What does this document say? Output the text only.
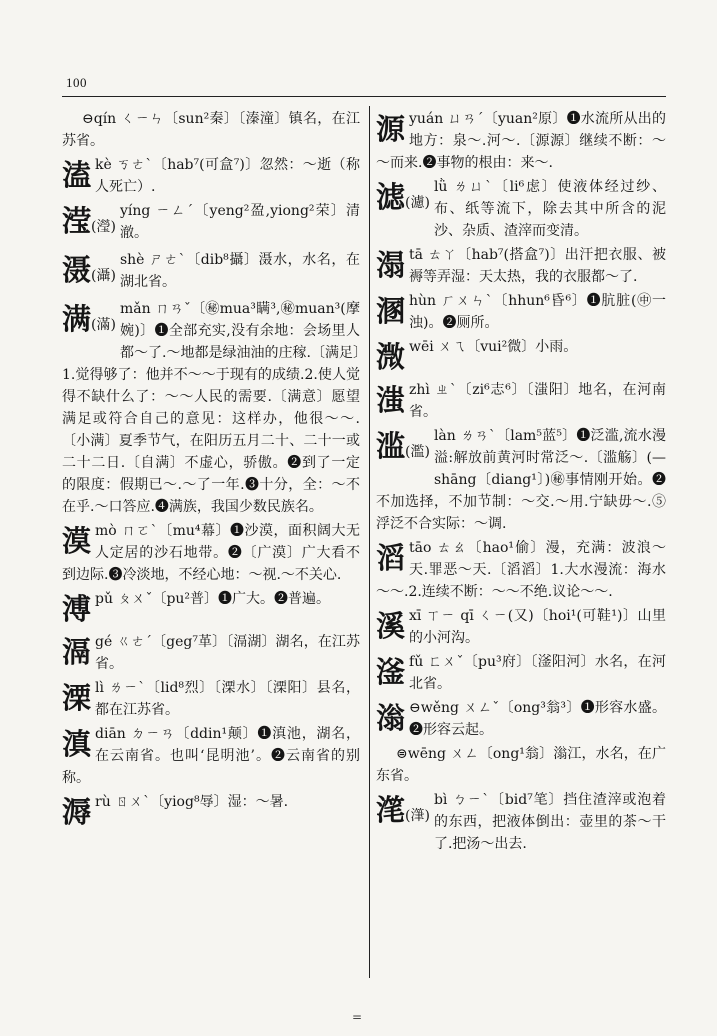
100
⊖qín ㄑㄧㄣ〔sun²秦〕〔溱潼〕镇名，在江苏省。
溘kè ㄎㄜˋ〔hab⁷(可盒⁷)〕忽然：～逝（称人死亡）.
滢(瀅)
yíng ㄧㄥˊ〔yeng²盈,yiong²荣〕清澈。
滠(灄)
shè ㄕㄜˋ〔dib⁸攝〕滠水，水名，在湖北省。
满(滿)
mǎn ㄇㄢˇ〔㊙mua³瞒³,㊙muan³(摩婉)〕❶全部充实,没有余地：会场里人都～了.～地都是绿油油的庄稼.〔满足〕1.觉得够了：他并不～～于现有的成绩.2.使人觉得不缺什么了：～～人民的需要.〔满意〕愿望满足或符合自己的意见：这样办，他很～～.〔小满〕夏季节气，在阳历五月二十、二十一或二十二日.〔自满〕不虚心，骄傲。❷到了一定的限度：假期已～.～了一年.❸十分，全：～不在乎.～口答应.❹满族，我国少数民族名。
漠mò ㄇㄛˋ〔mu⁴幕〕❶沙漠，面积阔大无人定居的沙石地带。❷〔广漠〕广大看不到边际.❸冷淡地，不经心地：～视.～不关心.
溥pǔ ㄆㄨˇ〔pu²普〕❶广大。❷普遍。
滆gé ㄍㄜˊ〔geg⁷革〕〔滆湖〕湖名，在江苏省。
溧lì ㄌㄧˋ〔lid⁸烈〕〔溧水〕〔溧阳〕县名，都在江苏省。
滇diān ㄉㄧㄢ〔ddin¹颠〕❶滇池，湖名，在云南省。也叫‘昆明池’。❷云南省的别称。
溽rù ㄖㄨˋ〔yiog⁸辱〕湿：～暑.
源yuán ㄩㄢˊ〔yuan²原〕❶水流所从出的地方：泉～.河～.〔源源〕继续不断：～～而来.❷事物的根由：来～.
滤(濾)
lǜ ㄌㄩˋ〔li⁶虑〕使液体经过纱、布、纸等流下，除去其中所含的泥沙、杂质、渣滓而变清。
溻tā ㄊㄚ〔hab⁷(搭盒⁷)〕出汗把衣服、被褥等弄湿：天太热，我的衣服都～了.
溷hùn ㄏㄨㄣˋ〔hhun⁶昏⁶〕❶肮脏(㊥一浊)。❷厕所。
溦wēi ㄨㄟ〔vui²微〕小雨。
滍zhì ㄓˋ〔zi⁶志⁶〕〔滍阳〕地名，在河南省。
滥(濫)
làn ㄌㄢˋ〔lam⁵蓝⁵〕❶泛滥,流水漫溢:解放前黄河时常泛～.〔滥觞〕(—shāng〔diang¹〕)㊙事情刚开始。❷不加选择，不加节制：～交.～用.宁缺毋～.⑤浮泛不合实际：～调.
滔tāo ㄊㄠ〔hao¹偷〕漫，充满：波浪～天.罪恶～天.〔滔滔〕1.大水漫流：海水～～.2.连续不断：～～不绝.议论～～.
溪xī ㄒㄧ qī ㄑㄧ(又)〔hoi¹(可鞋¹)〕山里的小河沟。
滏fǔ ㄈㄨˇ〔pu³府〕〔滏阳河〕水名，在河北省。
滃 ⊖wěng ㄨㄥˇ〔ong³翁³〕❶形容水盛。❷形容云起。
⊜wēng ㄨㄥ〔ong¹翁〕滃江，水名，在广东省。
滗(潷)
bì ㄅㄧˋ〔bid⁷笔〕挡住渣滓或泡着的东西，把液体倒出：壶里的茶～干了.把汤～出去.
=
